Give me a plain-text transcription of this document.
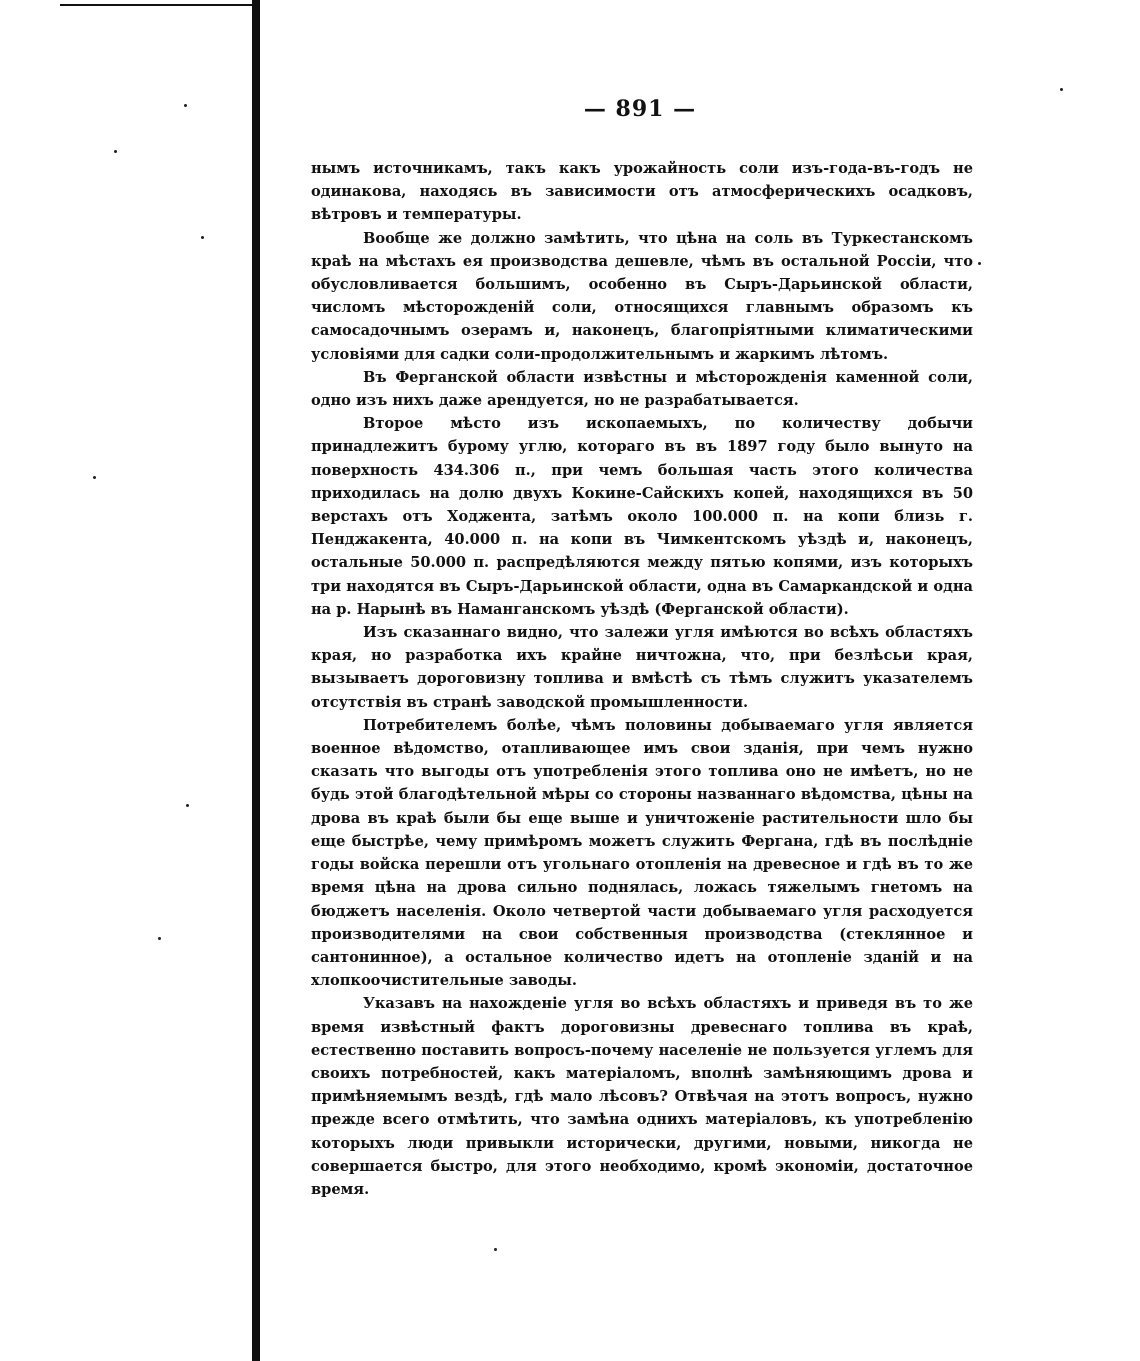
— 891 —

нымъ источникамъ, такъ какъ урожайность соли изъ-года-въ-годъ не одинакова, находясь въ зависимости отъ атмосферическихъ осадковъ, вѣтровъ и температуры.

Вообще же должно замѣтить, что цѣна на соль въ Туркестанскомъ краѣ на мѣстахъ ея производства дешевле, чѣмъ въ остальной Россіи, что обусловливается большимъ, особенно въ Сыръ-Дарьинской области, числомъ мѣсторожденій соли, относящихся главнымъ образомъ къ самосадочнымъ озерамъ и, наконецъ, благопріятными климатическими условіями для садки соли-продолжительнымъ и жаркимъ лѣтомъ.

Въ Ферганской области извѣстны и мѣсторожденія каменной соли, одно изъ нихъ даже арендуется, но не разрабатывается.

Второе мѣсто изъ ископаемыхъ, по количеству добычи принадлежитъ бурому углю, котораго въ въ 1897 году было вынуто на поверхность 434.306 п., при чемъ большая часть этого количества приходилась на долю двухъ Кокине-Сайскихъ копей, находящихся въ 50 верстахъ отъ Ходжента, затѣмъ около 100.000 п. на копи близь г. Пенджакента, 40.000 п. на копи въ Чимкентскомъ уѣздѣ и, наконецъ, остальные 50.000 п. распредѣляются между пятью копями, изъ которыхъ три находятся въ Сыръ-Дарьинской области, одна въ Самаркандской и одна на р. Нарынѣ въ Наманганскомъ уѣздѣ (Ферганской области).

Изъ сказаннаго видно, что залежи угля имѣются во всѣхъ областяхъ края, но разработка ихъ крайне ничтожна, что, при безлѣсьи края, вызываетъ дороговизну топлива и вмѣстѣ съ тѣмъ служитъ указателемъ отсутствія въ странѣ заводской промышленности.

Потребителемъ болѣе, чѣмъ половины добываемаго угля является военное вѣдомство, отапливающее имъ свои зданія, при чемъ нужно сказать что выгоды отъ употребленія этого топлива оно не имѣетъ, но не будь этой благодѣтельной мѣры со стороны названнаго вѣдомства, цѣны на дрова въ краѣ были бы еще выше и уничтоженіе растительности шло бы еще быстрѣе, чему примѣромъ можетъ служить Фергана, гдѣ въ послѣдніе годы войска перешли отъ угольнаго отопленія на древесное и гдѣ въ то же время цѣна на дрова сильно поднялась, ложась тяжелымъ гнетомъ на бюджетъ населенія. Около четвертой части добываемаго угля расходуется производителями на свои собственныя производства (стеклянное и сантонинное), а остальное количество идетъ на отопленіе зданій и на хлопкоочистительные заводы.

Указавъ на нахожденіе угля во всѣхъ областяхъ и приведя въ то же время извѣстный фактъ дороговизны древеснаго топлива въ краѣ, естественно поставить вопросъ-почему населеніе не пользуется углемъ для своихъ потребностей, какъ матеріаломъ, вполнѣ замѣняющимъ дрова и примѣняемымъ вездѣ, гдѣ мало лѣсовъ? Отвѣчая на этотъ вопросъ, нужно прежде всего отмѣтить, что замѣна однихъ матеріаловъ, къ употребленію которыхъ люди привыкли исторически, другими, новыми, никогда не совершается быстро, для этого необходимо, кромѣ экономіи, достаточное время.
